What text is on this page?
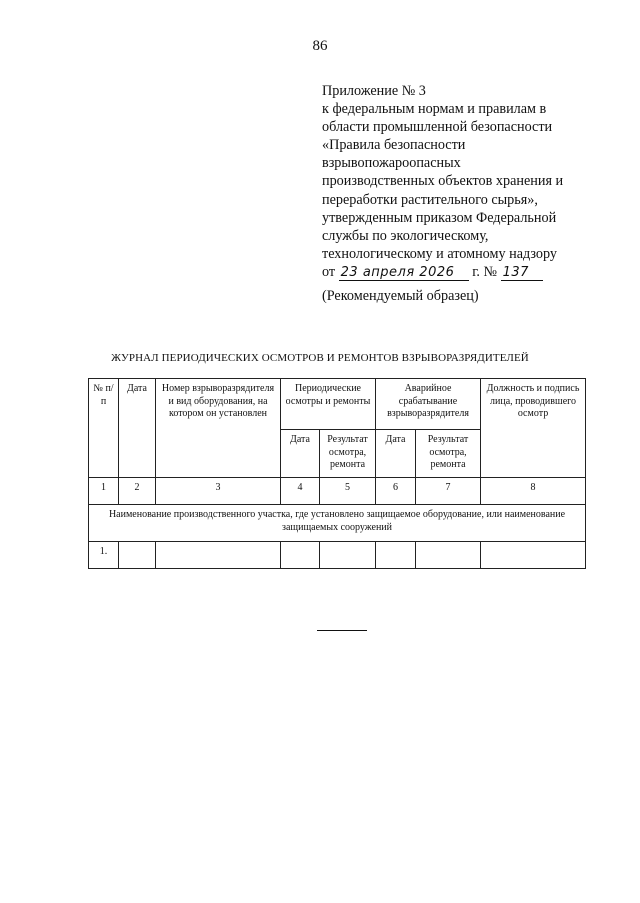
86
Приложение № 3
к федеральным нормам и правилам в
области промышленной безопасности
«Правила безопасности
взрывопожароопасных
производственных объектов хранения и
переработки растительного сырья»,
утвержденным приказом Федеральной
службы по экологическому,
технологическому и атомному надзору
от 23 апреля 2026 г. № 137
(Рекомендуемый образец)
ЖУРНАЛ ПЕРИОДИЧЕСКИХ ОСМОТРОВ И РЕМОНТОВ ВЗРЫВОРАЗРЯДИТЕЛЕЙ
№ п/п	Дата	Номер взрыворазрядителя и вид оборудования, на котором он установлен	Периодические осмотры и ремонты		Аварийное срабатывание взрыворазрядителя		Должность и подпись лица, проводившего осмотр
			Дата	Результат осмотра, ремонта	Дата	Результат осмотра, ремонта	
1	2	3	4	5	6	7	8
Наименование производственного участка, где установлено защищаемое оборудование, или наименование защищаемых сооружений							
1.							
